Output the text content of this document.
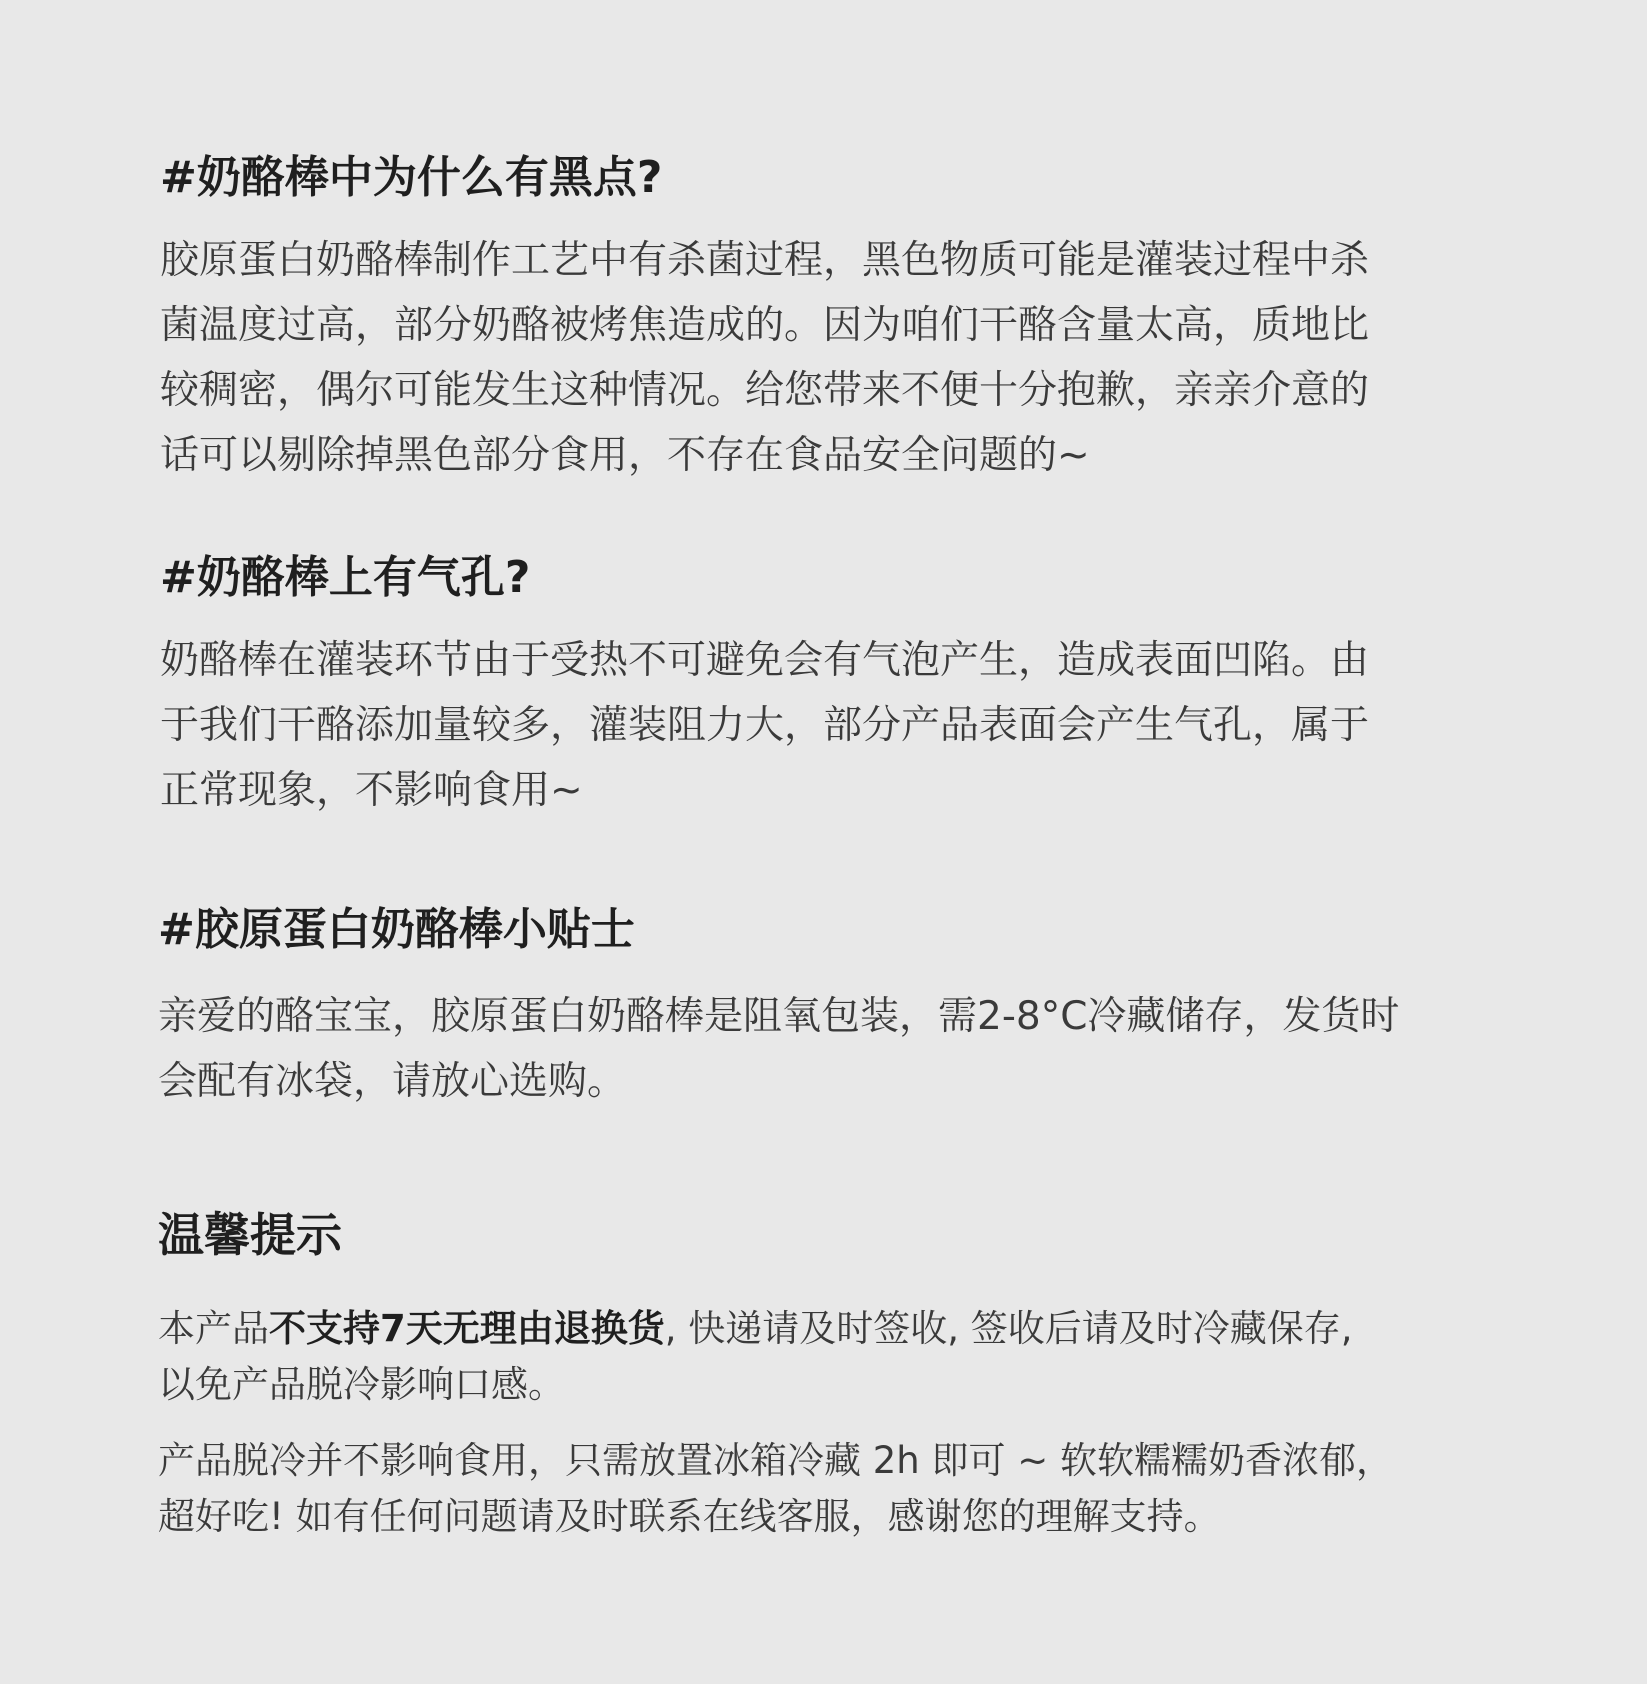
#奶酪棒中为什么有黑点?

胶原蛋白奶酪棒制作工艺中有杀菌过程，黑色物质可能是灌装过程中杀
菌温度过高，部分奶酪被烤焦造成的。因为咱们干酪含量太高，质地比
较稠密，偶尔可能发生这种情况。给您带来不便十分抱歉，亲亲介意的
话可以剔除掉黑色部分食用，不存在食品安全问题的~

#奶酪棒上有气孔?

奶酪棒在灌装环节由于受热不可避免会有气泡产生，造成表面凹陷。由
于我们干酪添加量较多，灌装阻力大，部分产品表面会产生气孔，属于
正常现象，不影响食用~

#胶原蛋白奶酪棒小贴士

亲爱的酪宝宝，胶原蛋白奶酪棒是阻氧包装，需2-8°C冷藏储存，发货时
会配有冰袋，请放心选购。

温馨提示

本产品不支持7天无理由退换货, 快递请及时签收, 签收后请及时冷藏保存,
以免产品脱冷影响口感。

产品脱冷并不影响食用，只需放置冰箱冷藏 2h 即可 ~ 软软糯糯奶香浓郁，
超好吃! 如有任何问题请及时联系在线客服，感谢您的理解支持。
